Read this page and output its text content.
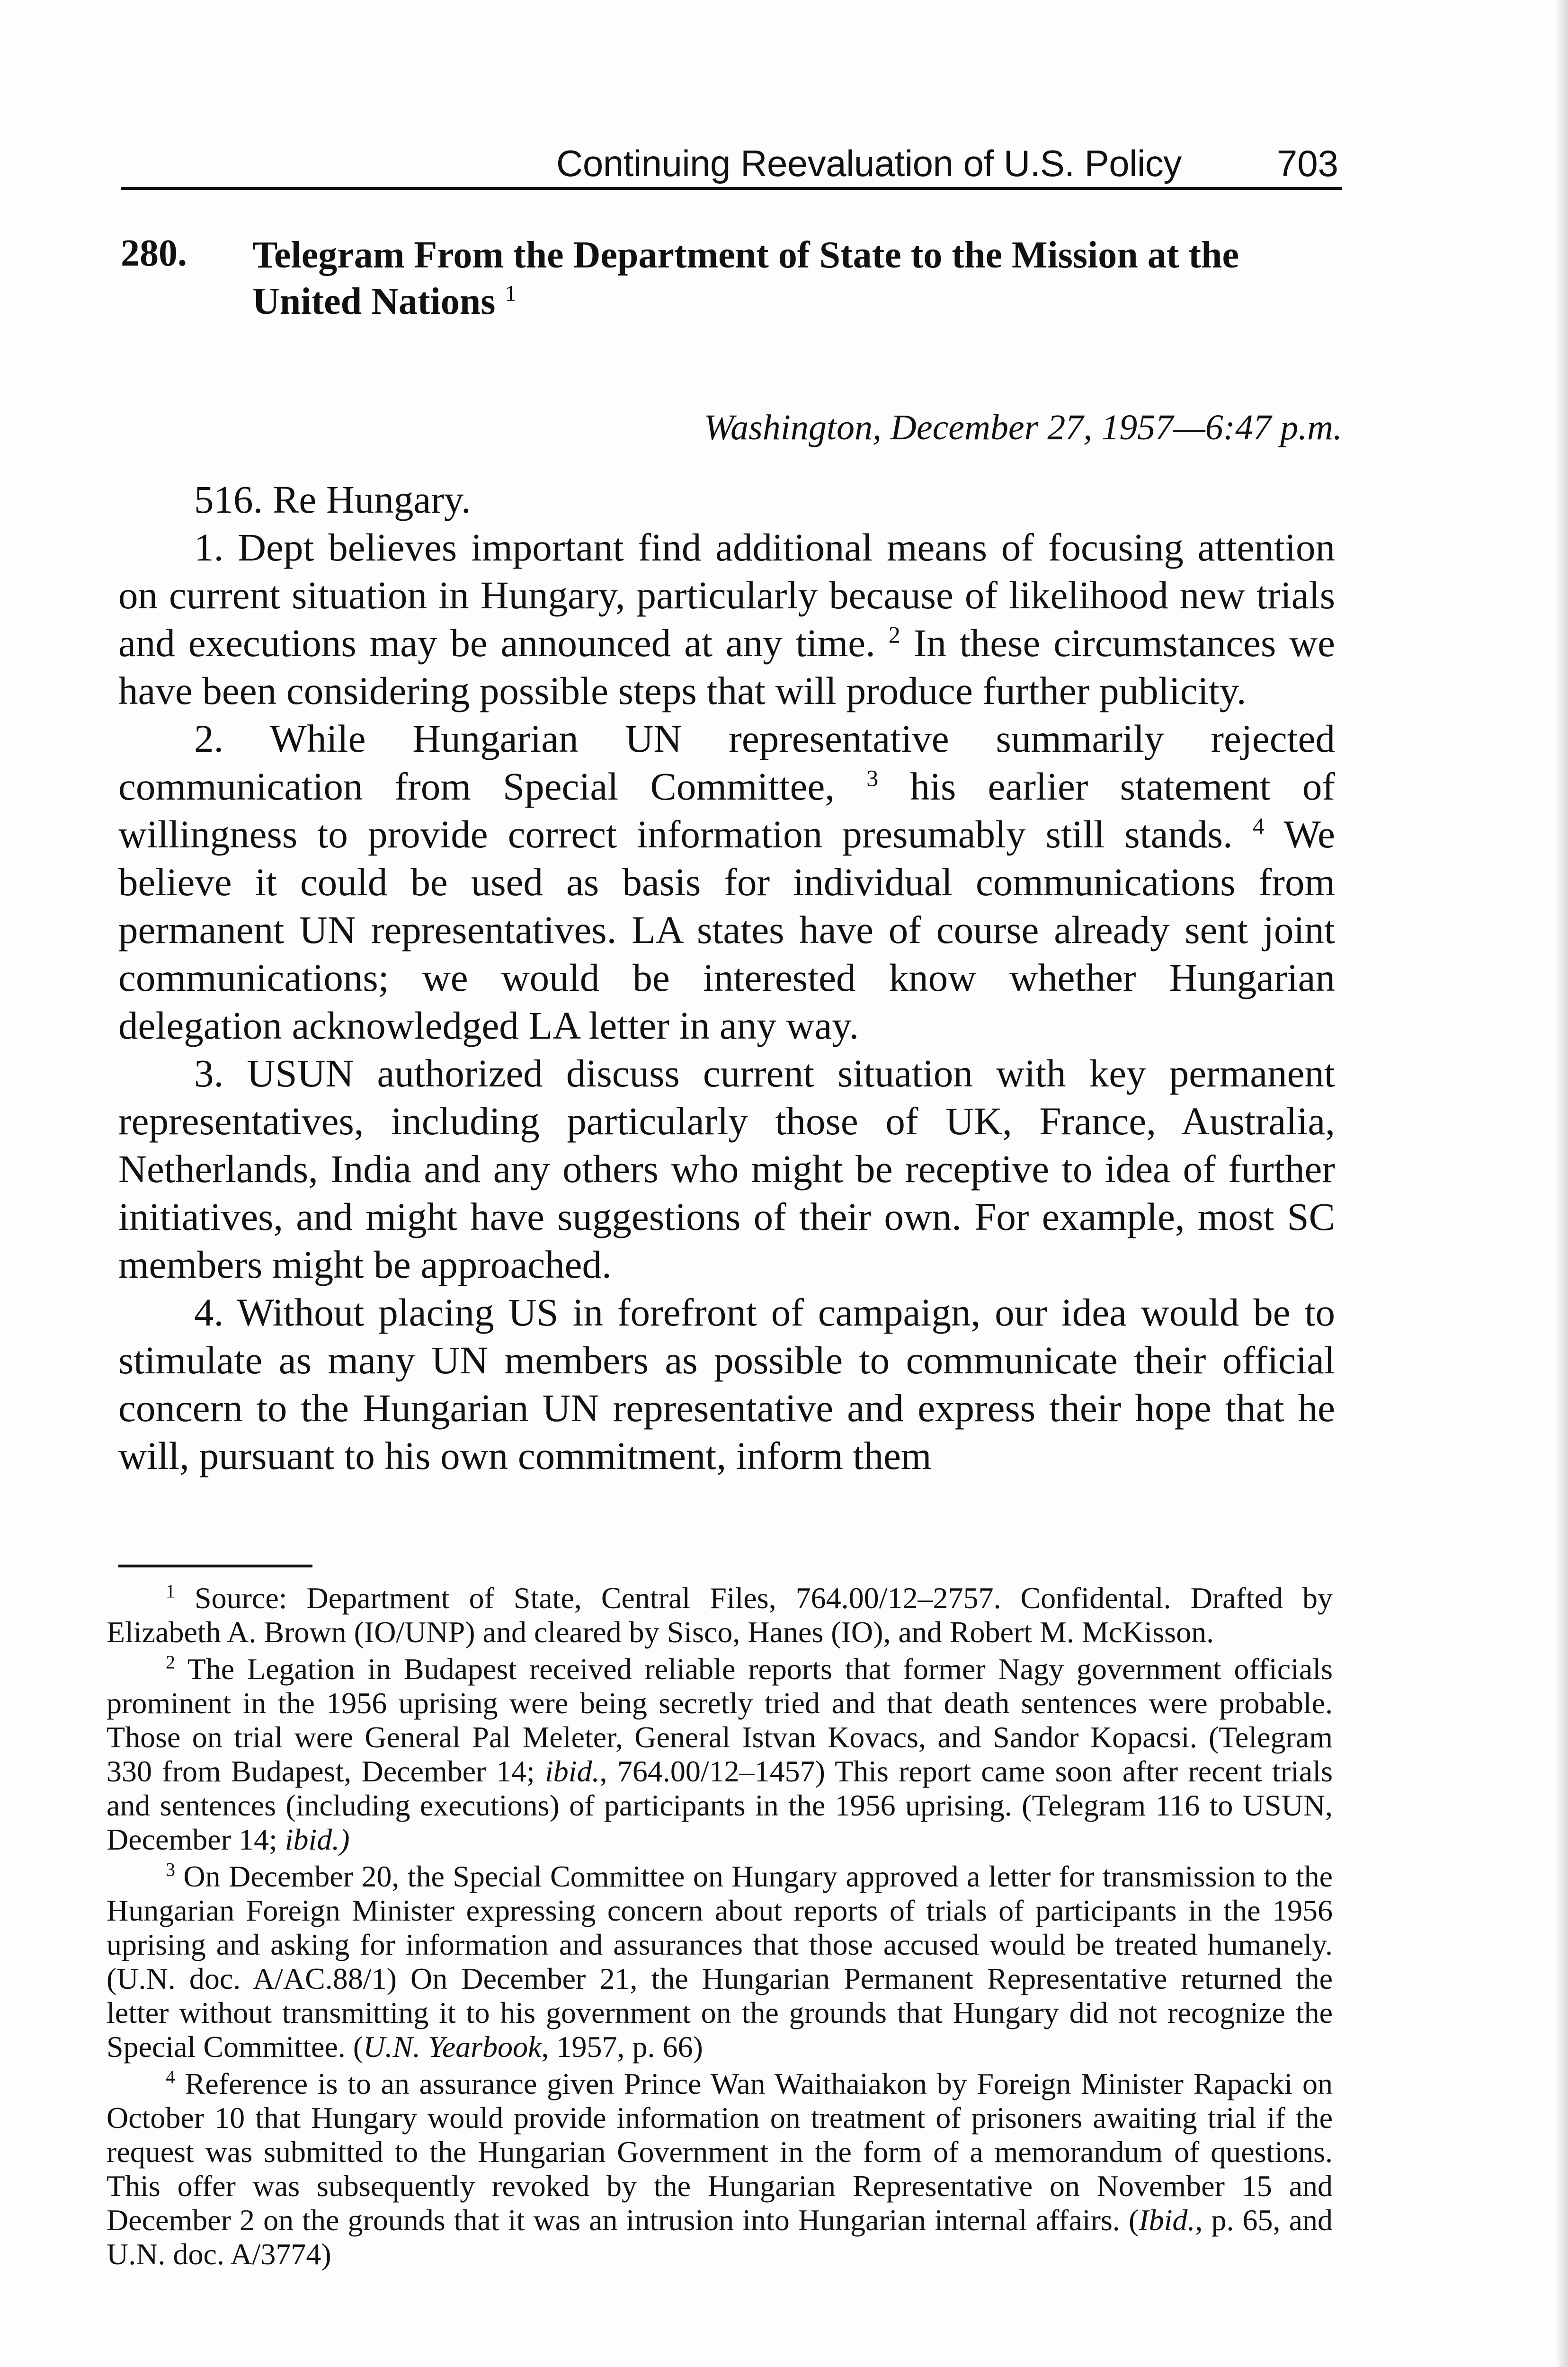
Continuing Reevaluation of U.S. Policy	703
280. Telegram From the Department of State to the Mission at the United Nations $^1$
Washington, December 27, 1957—6:47 p.m.

516. Re Hungary.

1. Dept believes important find additional means of focusing attention on current situation in Hungary, particularly because of likelihood new trials and executions may be announced at any time. $^2$ In these circumstances we have been considering possible steps that will produce further publicity.

2. While Hungarian UN representative summarily rejected communication from Special Committee, $^3$ his earlier statement of willingness to provide correct information presumably still stands. $^4$ We believe it could be used as basis for individual communications from permanent UN representatives. LA states have of course already sent joint communications; we would be interested know whether Hungarian delegation acknowledged LA letter in any way.

3. USUN authorized discuss current situation with key permanent representatives, including particularly those of UK, France, Australia, Netherlands, India and any others who might be receptive to idea of further initiatives, and might have suggestions of their own. For example, most SC members might be approached.

4. Without placing US in forefront of campaign, our idea would be to stimulate as many UN members as possible to communicate their official concern to the Hungarian UN representative and express their hope that he will, pursuant to his own commitment, inform them

$^1$ Source: Department of State, Central Files, 764.00/12–2757. Confidental. Drafted by Elizabeth A. Brown (IO/UNP) and cleared by Sisco, Hanes (IO), and Robert M. McKisson.

$^2$ The Legation in Budapest received reliable reports that former Nagy government officials prominent in the 1956 uprising were being secretly tried and that death sentences were probable. Those on trial were General Pal Meleter, General Istvan Kovacs, and Sandor Kopacsi. (Telegram 330 from Budapest, December 14; ibid., 764.00/12–1457) This report came soon after recent trials and sentences (including executions) of participants in the 1956 uprising. (Telegram 116 to USUN, December 14; ibid.)

$^3$ On December 20, the Special Committee on Hungary approved a letter for transmission to the Hungarian Foreign Minister expressing concern about reports of trials of participants in the 1956 uprising and asking for information and assurances that those accused would be treated humanely. (U.N. doc. A/AC.88/1) On December 21, the Hungarian Permanent Representative returned the letter without transmitting it to his government on the grounds that Hungary did not recognize the Special Committee. (U.N. Yearbook, 1957, p. 66)

$^4$ Reference is to an assurance given Prince Wan Waithaiakon by Foreign Minister Rapacki on October 10 that Hungary would provide information on treatment of prisoners awaiting trial if the request was submitted to the Hungarian Government in the form of a memorandum of questions. This offer was subsequently revoked by the Hungarian Representative on November 15 and December 2 on the grounds that it was an intrusion into Hungarian internal affairs. (Ibid., p. 65, and U.N. doc. A/3774)
